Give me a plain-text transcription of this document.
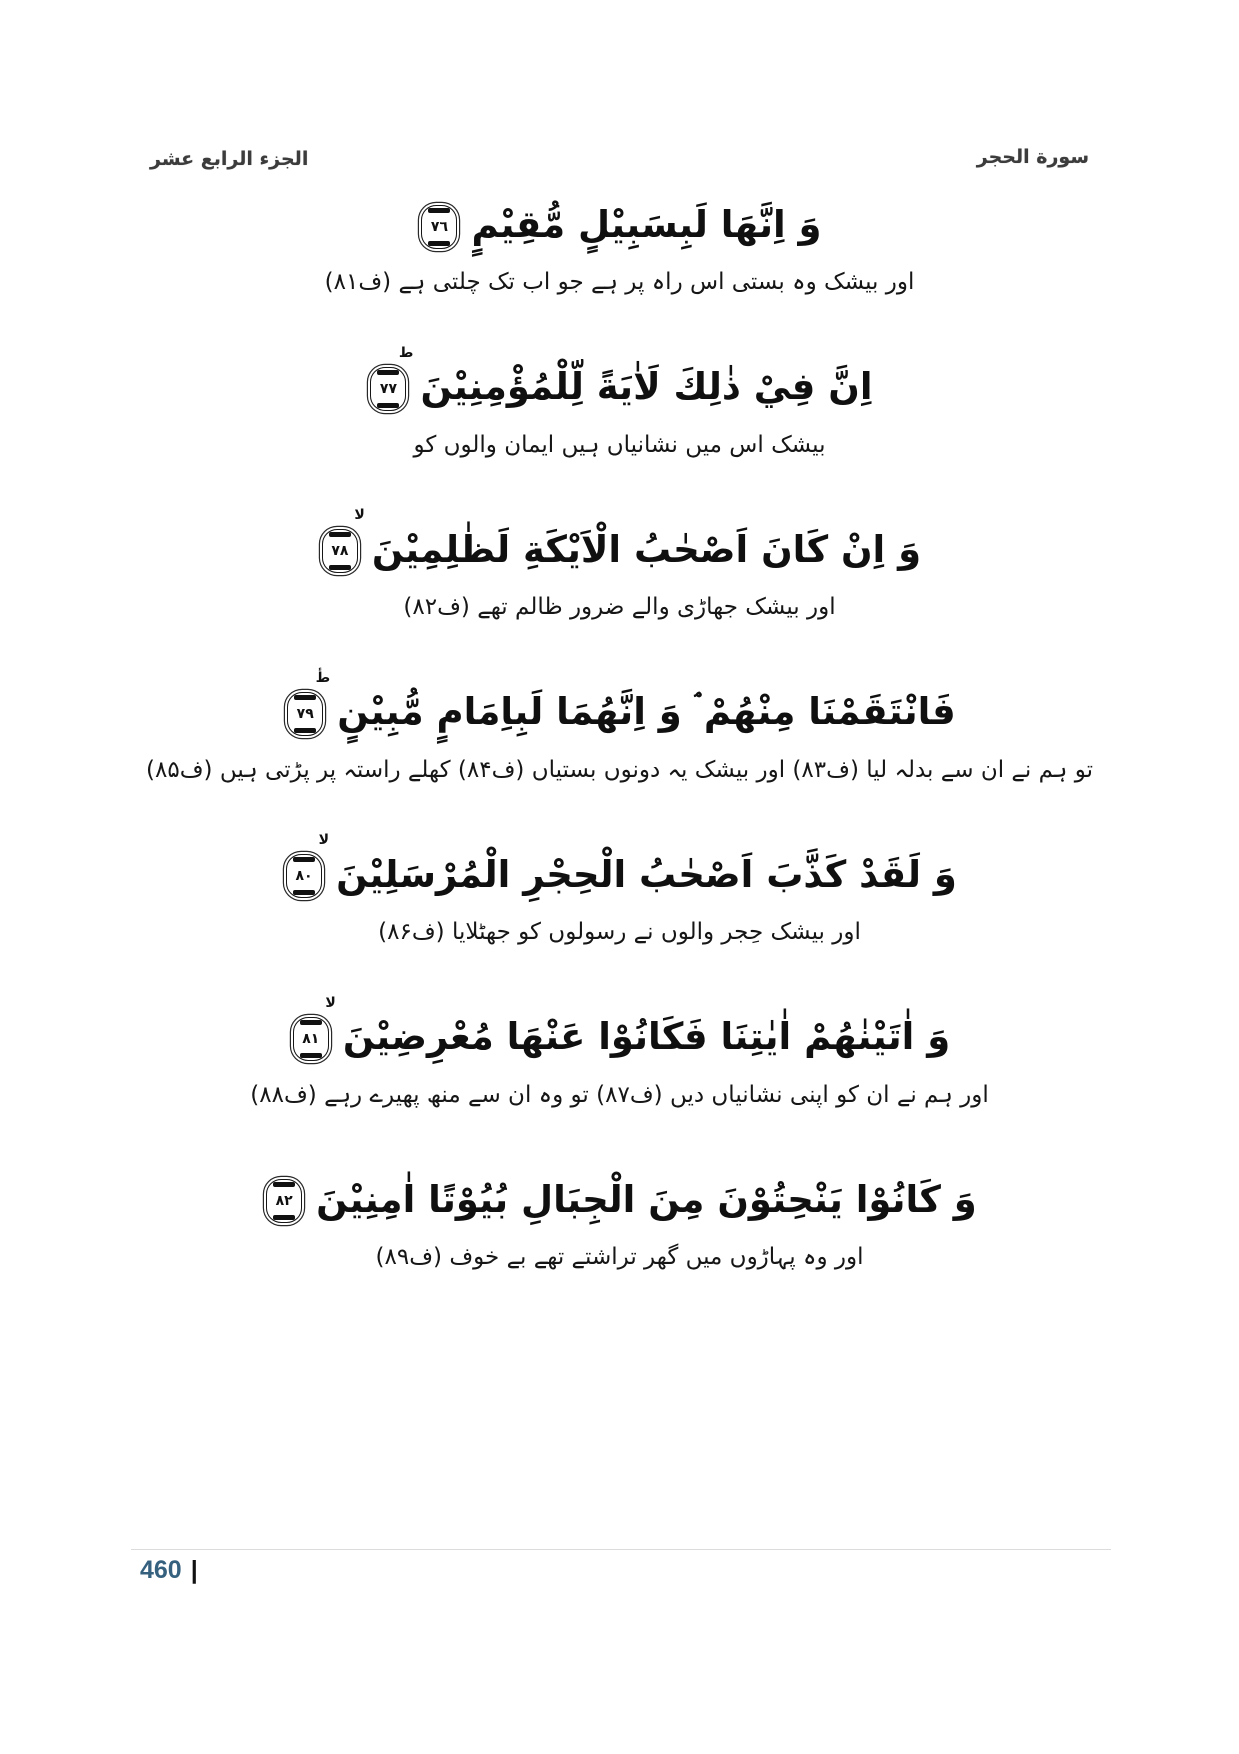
الجزء الرابع عشر	سورة الحجر
وَ اِنَّهَا لَبِسَبِيْلٍ مُّقِيْمٍ
٧٦
اور بیشک وہ بستی اس راہ پر ہے جو اب تک چلتی ہے (ف۸۱)
اِنَّ فِيْ ذٰلِكَ لَاٰيَةً لِّلْمُؤْمِنِيْنَ
ط
٧٧
بیشک اس میں نشانیاں ہیں ایمان والوں کو
وَ اِنْ كَانَ اَصْحٰبُ الْاَيْكَةِ لَظٰلِمِيْنَ
لا
٧٨
اور بیشک جھاڑی والے ضرور ظالم تھے (ف۸۲)
فَانْتَقَمْنَا مِنْهُمْ ۘ وَ اِنَّهُمَا لَبِاِمَامٍ مُّبِيْنٍ
طٔ
٧٩
تو ہم نے ان سے بدلہ لیا (ف۸۳) اور بیشک یہ دونوں بستیاں (ف۸۴) کھلے راستہ پر پڑتی ہیں (ف۸۵)
وَ لَقَدْ كَذَّبَ اَصْحٰبُ الْحِجْرِ الْمُرْسَلِيْنَ
لا
٨٠
اور بیشک حِجر والوں نے رسولوں کو جھٹلایا (ف۸۶)
وَ اٰتَيْنٰهُمْ اٰيٰتِنَا فَكَانُوْا عَنْهَا مُعْرِضِيْنَ
لا
٨١
اور ہم نے ان کو اپنی نشانیاں دیں (ف۸۷) تو وہ ان سے منھ پھیرے رہے (ف۸۸)
وَ كَانُوْا يَنْحِتُوْنَ مِنَ الْجِبَالِ بُيُوْتًا اٰمِنِيْنَ
٨٢
اور وہ پہاڑوں میں گھر تراشتے تھے بے خوف (ف۸۹)
460 |
